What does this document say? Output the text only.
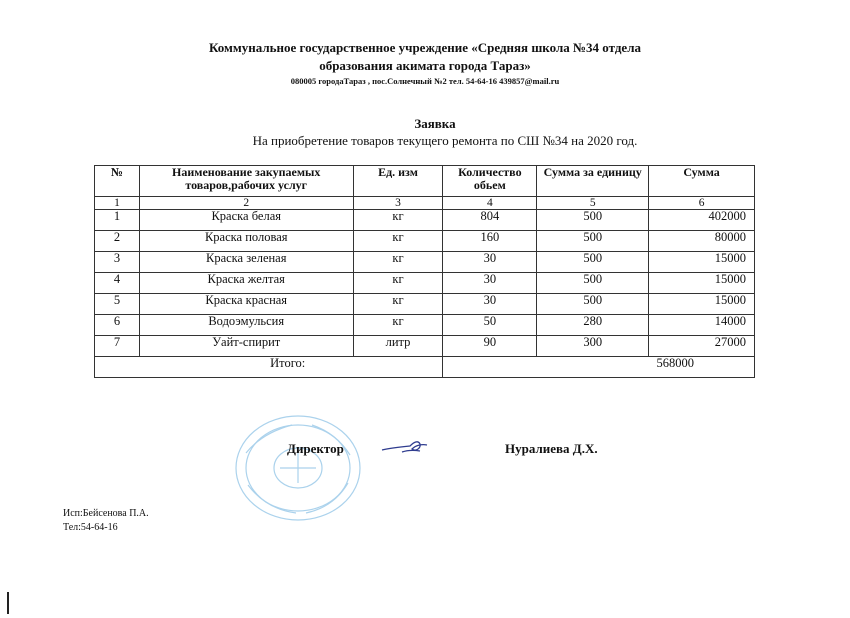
Коммунальное государственное учреждение «Средняя школа №34 отдела
образования акимата города Тараз»
080005 городаТараз , пос.Солнечный №2 тел. 54-64-16 439857@mail.ru
Заявка
На приобретение товаров текущего ремонта по СШ №34 на 2020 год.
№	Наименование закупаемых товаров,рабочих услуг	Ед. изм	Количество обьем	Сумма за единицу	Сумма
1	2	3	4	5	6
1	Краска белая	кг	804	500	402000
2	Краска половая	кг	160	500	80000
3	Краска зеленая	кг	30	500	15000
4	Краска желтая	кг	30	500	15000
5	Краска красная	кг	30	500	15000
6	Водоэмульсия	кг	50	280	14000
7	Уайт-спирит	литр	90	300	27000
Итого:			568000		
Директор	Нуралиева Д.Х.
Исп:Бейсенова П.А.
Тел:54-64-16
